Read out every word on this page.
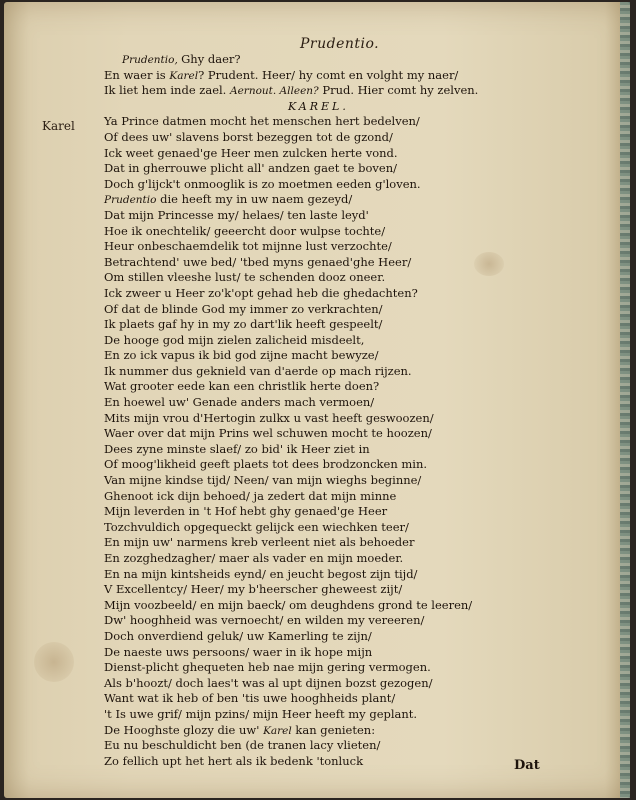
Prudentio.
Karel
Prudentio, Ghy daer?
En waer is Karel? Prudent. Heer/ hy comt en volght my naer/
Ik liet hem inde zael. Aernout. Alleen? Prud. Hier comt hy zelven.
KAREL.
Ya Prince datmen mocht het menschen hert bedelven/
Of dees uw' slavens borst bezeggen tot de gzond/
Ick weet genaed'ge Heer men zulcken herte vond.
Dat in gherrouwe plicht all' andzen gaet te boven/
Doch g'lijck't onmooglik is zo moetmen eeden g'loven.
Prudentio die heeft my in uw naem gezeyd/
Dat mijn Princesse my/ helaes/ ten laste leyd'
Hoe ik onechtelik/ geeercht door wulpse tochte/
Heur onbeschaemdelik tot mijnne lust verzochte/
Betrachtend' uwe bed/ 'tbed myns genaed'ghe Heer/
Om stillen vleeshe lust/ te schenden dooz oneer.
Ick zweer u Heer zo'k'opt gehad heb die ghedachten?
Of dat de blinde God my immer zo verkrachten/
Ik plaets gaf hy in my zo dart'lik heeft gespeelt/
De hooge god mijn zielen zalicheid misdeelt,
En zo ick vapus ik bid god zijne macht bewyze/
Ik nummer dus geknield van d'aerde op mach rijzen.
Wat grooter eede kan een christlik herte doen?
En hoewel uw' Genade anders mach vermoen/
Mits mijn vrou d'Hertogin zulkx u vast heeft geswoozen/
Waer over dat mijn Prins wel schuwen mocht te hoozen/
Dees zyne minste slaef/ zo bid' ik Heer ziet in
Of moog'likheid geeft plaets tot dees brodzoncken min.
Van mijne kindse tijd/ Neen/ van mijn wieghs beginne/
Ghenoot ick dijn behoed/ ja zedert dat mijn minne
Mijn leverden in 't Hof hebt ghy genaed'ge Heer
Tozchvuldich opgequeckt gelijck een wiechken teer/
En mijn uw' narmens kreb verleent niet als behoeder
En zozghedzagher/ maer als vader en mijn moeder.
En na mijn kintsheids eynd/ en jeucht begost zijn tijd/
V Excellentcy/ Heer/ my b'heerscher gheweest zijt/
Mijn voozbeeld/ en mijn baeck/ om deughdens grond te leeren/
Dw' hooghheid was vernoecht/ en wilden my vereeren/
Doch onverdiend geluk/ uw Kamerling te zijn/
De naeste uws persoons/ waer in ik hope mijn
Dienst-plicht ghequeten heb nae mijn gering vermogen.
Als b'hoozt/ doch laes't was al upt dijnen bozst gezogen/
Want wat ik heb of ben 'tis uwe hooghheids plant/
't Is uwe grif/ mijn pzins/ mijn Heer heeft my geplant.
De Hooghste glozy die uw' Karel kan genieten:
Eu nu beschuldicht ben (de tranen lacy vlieten/
Zo fellich upt het hert als ik bedenk 'tonluck	Dat
